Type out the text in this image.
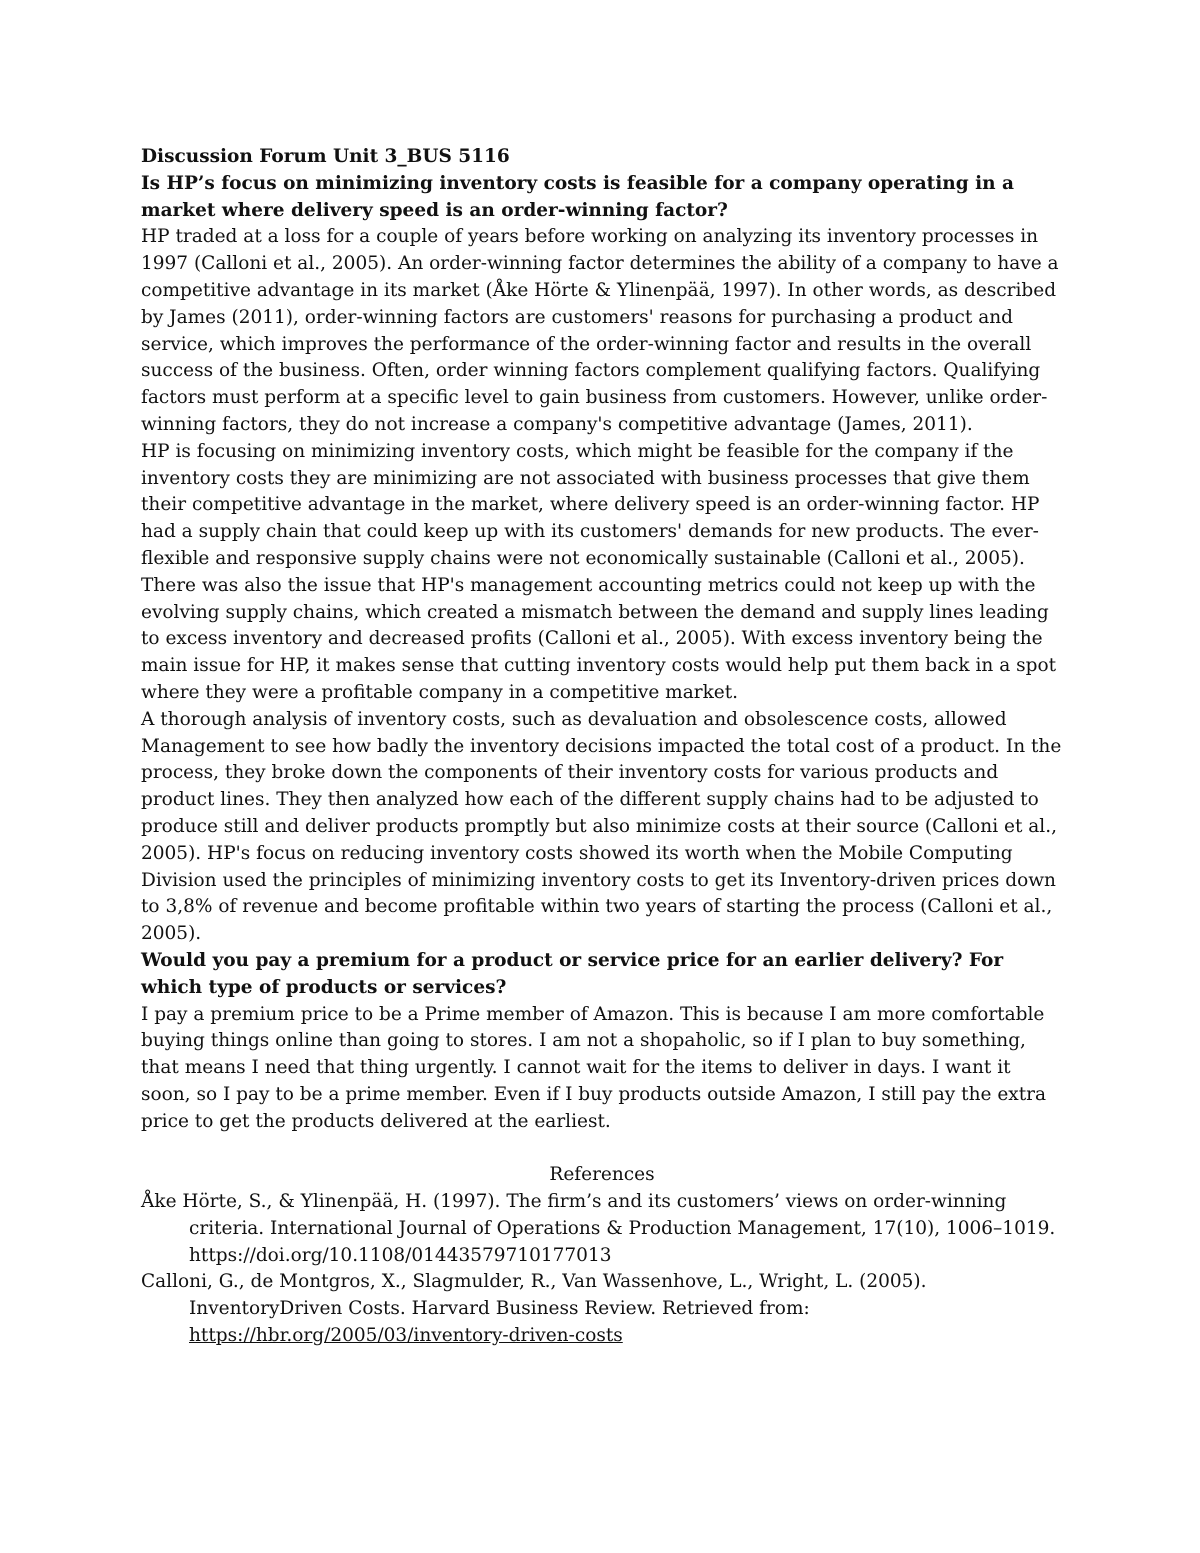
Discussion Forum Unit 3_BUS 5116

Is HP’s focus on minimizing inventory costs is feasible for a company operating in a market where delivery speed is an order-winning factor?

HP traded at a loss for a couple of years before working on analyzing its inventory processes in 1997 (Calloni et al., 2005). An order-winning factor determines the ability of a company to have a competitive advantage in its market (Åke Hörte & Ylinenpää, 1997). In other words, as described by James (2011), order-winning factors are customers' reasons for purchasing a product and service, which improves the performance of the order-winning factor and results in the overall success of the business. Often, order winning factors complement qualifying factors. Qualifying factors must perform at a specific level to gain business from customers. However, unlike order-winning factors, they do not increase a company's competitive advantage (James, 2011).

HP is focusing on minimizing inventory costs, which might be feasible for the company if the inventory costs they are minimizing are not associated with business processes that give them their competitive advantage in the market, where delivery speed is an order-winning factor. HP had a supply chain that could keep up with its customers' demands for new products. The ever-flexible and responsive supply chains were not economically sustainable (Calloni et al., 2005). There was also the issue that HP's management accounting metrics could not keep up with the evolving supply chains, which created a mismatch between the demand and supply lines leading to excess inventory and decreased profits (Calloni et al., 2005). With excess inventory being the main issue for HP, it makes sense that cutting inventory costs would help put them back in a spot where they were a profitable company in a competitive market.

A thorough analysis of inventory costs, such as devaluation and obsolescence costs, allowed Management to see how badly the inventory decisions impacted the total cost of a product. In the process, they broke down the components of their inventory costs for various products and product lines. They then analyzed how each of the different supply chains had to be adjusted to produce still and deliver products promptly but also minimize costs at their source (Calloni et al., 2005). HP's focus on reducing inventory costs showed its worth when the Mobile Computing Division used the principles of minimizing inventory costs to get its Inventory-driven prices down to 3,8% of revenue and become profitable within two years of starting the process (Calloni et al., 2005).

Would you pay a premium for a product or service price for an earlier delivery? For which type of products or services?

I pay a premium price to be a Prime member of Amazon. This is because I am more comfortable buying things online than going to stores. I am not a shopaholic, so if I plan to buy something, that means I need that thing urgently. I cannot wait for the items to deliver in days. I want it soon, so I pay to be a prime member. Even if I buy products outside Amazon, I still pay the extra price to get the products delivered at the earliest.

References

Åke Hörte, S., & Ylinenpää, H. (1997). The firm’s and its customers’ views on order-winning criteria. International Journal of Operations & Production Management, 17(10), 1006–1019. https://doi.org/10.1108/01443579710177013

Calloni, G., de Montgros, X., Slagmulder, R., Van Wassenhove, L., Wright, L. (2005). InventoryDriven Costs. Harvard Business Review. Retrieved from: https://hbr.org/2005/03/inventory-driven-costs
